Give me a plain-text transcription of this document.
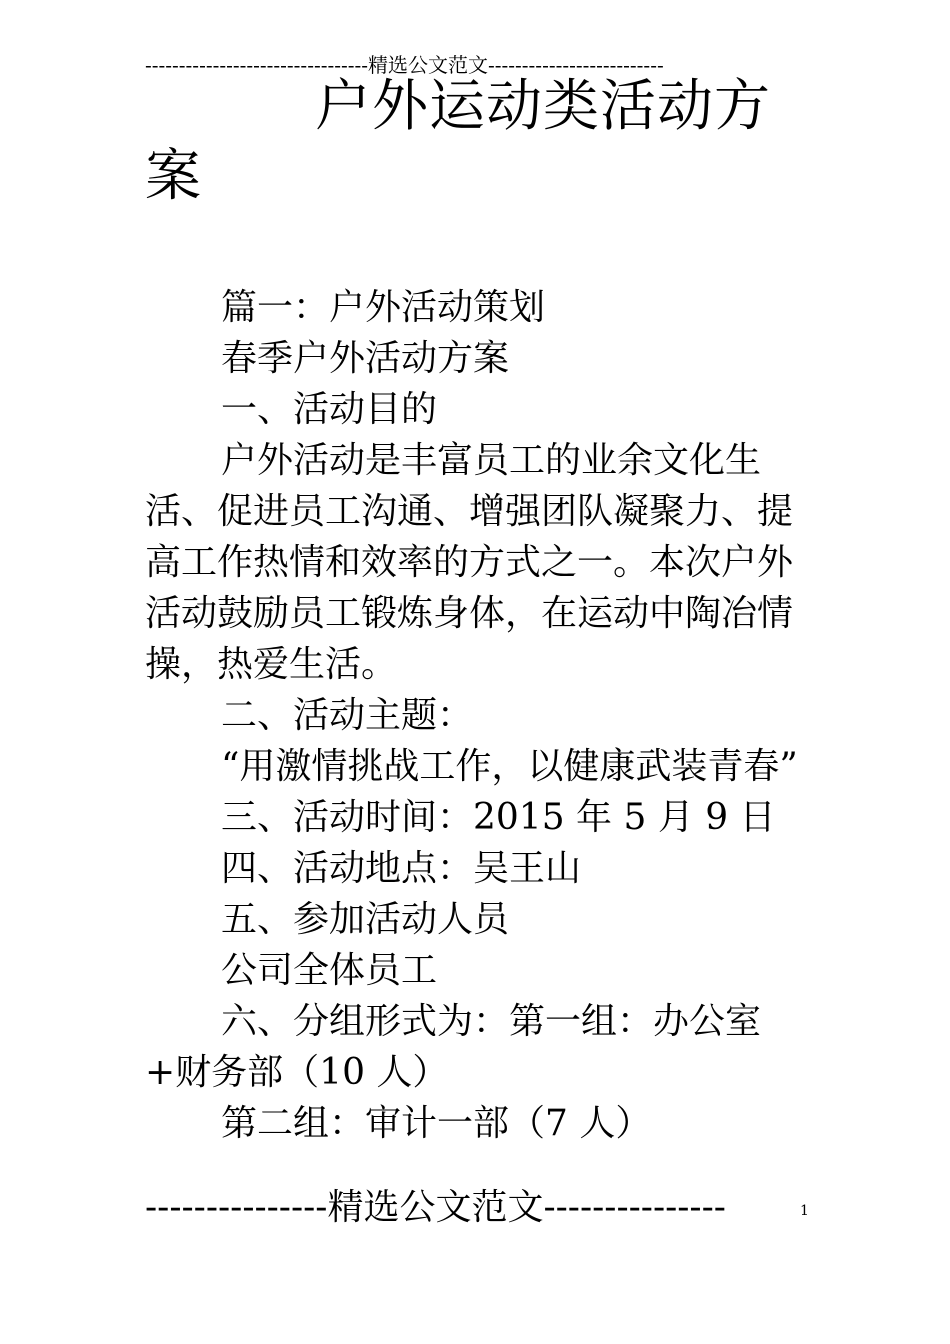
---------------------------------精选公文范文--------------------------
户外运动类活动方案

篇一：户外活动策划

春季户外活动方案

一、活动目的

户外活动是丰富员工的业余文化生活、促进员工沟通、增强团队凝聚力、提高工作热情和效率的方式之一。本次户外活动鼓励员工锻炼身体，在运动中陶冶情操，热爱生活。

二、活动主题：

“用激情挑战工作，以健康武装青春”

三、活动时间：2015 年 5 月 9 日

四、活动地点：吴王山

五、参加活动人员

公司全体员工

六、分组形式为：第一组：办公室+财务部（10 人）

第二组：审计一部（7 人）

---------------精选公文范文---------------	1
